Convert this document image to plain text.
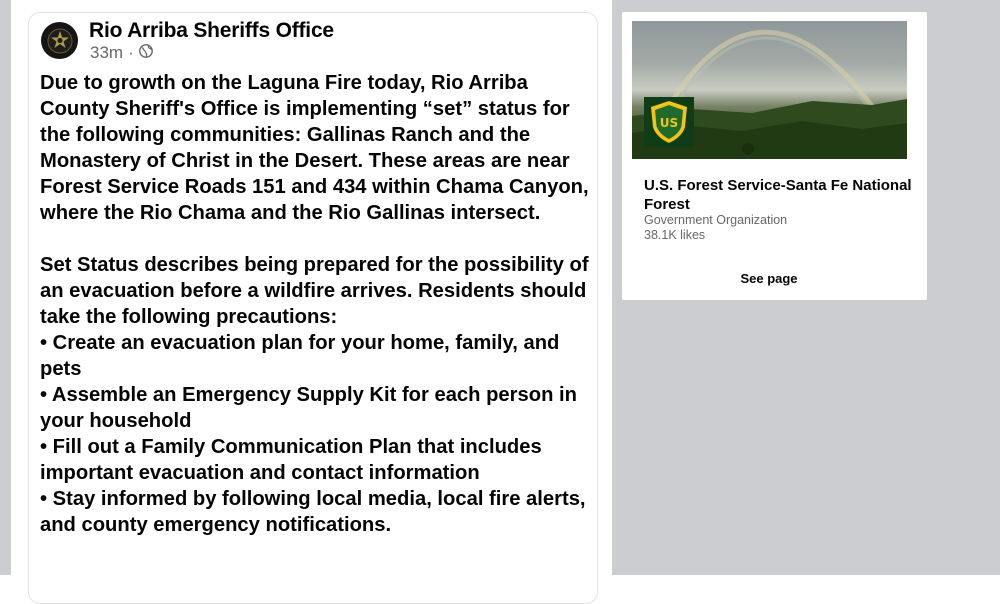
Rio Arriba Sheriffs Office
33m ·

Due to growth on the Laguna Fire today, Rio Arriba County Sheriff's Office is implementing “set” status for the following communities: Gallinas Ranch and the Monastery of Christ in the Desert. These areas are near Forest Service Roads 151 and 434 within Chama Canyon, where the Rio Chama and the Rio Gallinas intersect.

Set Status describes being prepared for the possibility of an evacuation before a wildfire arrives. Residents should take the following precautions:
• Create an evacuation plan for your home, family, and pets
• Assemble an Emergency Supply Kit for each person in your household
• Fill out a Family Communication Plan that includes important evacuation and contact information
• Stay informed by following local media, local fire alerts, and county emergency notifications.

US
U.S. Forest Service-Santa Fe National Forest
Government Organization
38.1K likes
See page
